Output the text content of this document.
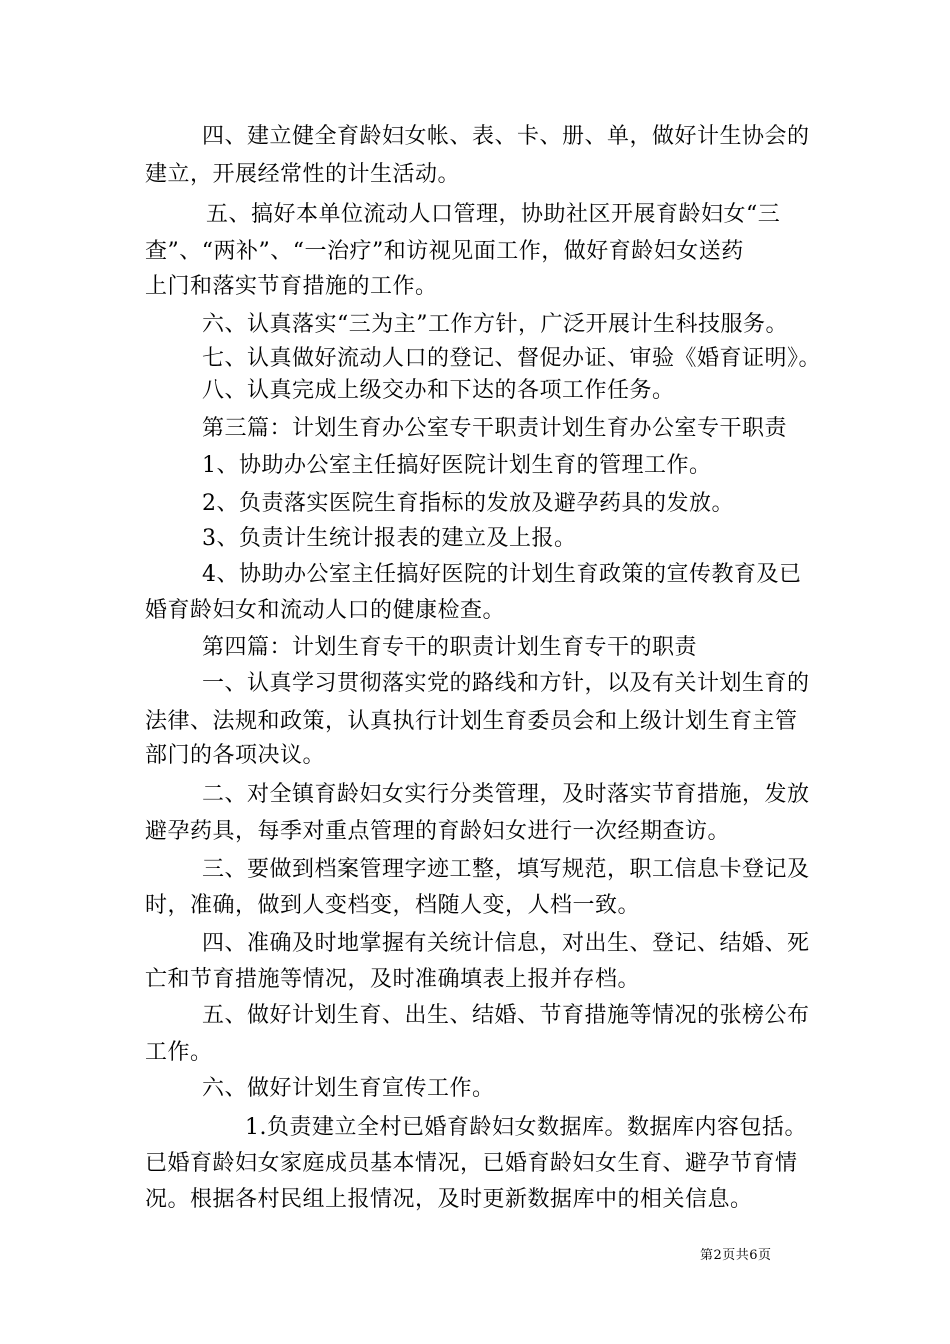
四、建立健全育龄妇女帐、表、卡、册、单，做好计生协会的
建立，开展经常性的计生活动。
五、搞好本单位流动人口管理，协助社区开展育龄妇女“三
查”、“两补”、“一治疗”和访视见面工作，做好育龄妇女送药
上门和落实节育措施的工作。
六、认真落实“三为主”工作方针，广泛开展计生科技服务。
七、认真做好流动人口的登记、督促办证、审验《婚育证明》。
八、认真完成上级交办和下达的各项工作任务。
第三篇：计划生育办公室专干职责计划生育办公室专干职责
1、协助办公室主任搞好医院计划生育的管理工作。
2、负责落实医院生育指标的发放及避孕药具的发放。
3、负责计生统计报表的建立及上报。
4、协助办公室主任搞好医院的计划生育政策的宣传教育及已
婚育龄妇女和流动人口的健康检查。
第四篇：计划生育专干的职责计划生育专干的职责
一、认真学习贯彻落实党的路线和方针，以及有关计划生育的
法律、法规和政策，认真执行计划生育委员会和上级计划生育主管
部门的各项决议。
二、对全镇育龄妇女实行分类管理，及时落实节育措施，发放
避孕药具，每季对重点管理的育龄妇女进行一次经期查访。
三、要做到档案管理字迹工整，填写规范，职工信息卡登记及
时，准确，做到人变档变，档随人变，人档一致。
四、准确及时地掌握有关统计信息，对出生、登记、结婚、死
亡和节育措施等情况，及时准确填表上报并存档。
五、做好计划生育、出生、结婚、节育措施等情况的张榜公布
工作。
六、做好计划生育宣传工作。
1.负责建立全村已婚育龄妇女数据库。数据库内容包括。
已婚育龄妇女家庭成员基本情况，已婚育龄妇女生育、避孕节育情
况。根据各村民组上报情况，及时更新数据库中的相关信息。
第2页共6页
